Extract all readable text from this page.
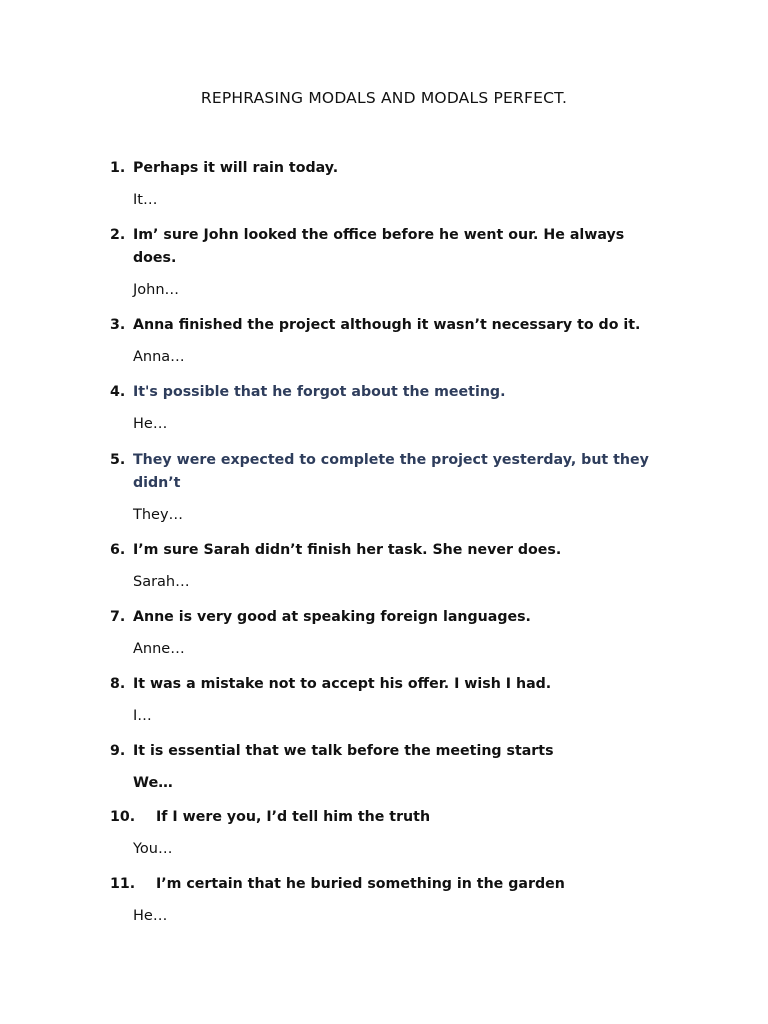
REPHRASING MODALS AND MODALS PERFECT.
1. Perhaps it will rain today.
It…
2. Im’ sure John looked the office before he went our. He always does.
John…
3. Anna finished the project although it wasn’t necessary to do it.
Anna…
4. It's possible that he forgot about the meeting.
He…
5. They were expected to complete the project yesterday, but they didn’t
They…
6. I’m sure Sarah didn’t finish her task. She never does.
Sarah…
7. Anne is very good at speaking foreign languages.
Anne…
8. It was a mistake not to accept his offer. I wish I had.
I…
9. It is essential that we talk before the meeting starts
We…
10.	If I were you, I’d tell him the truth
You…
11.	I’m certain that he buried something in the garden
He…
